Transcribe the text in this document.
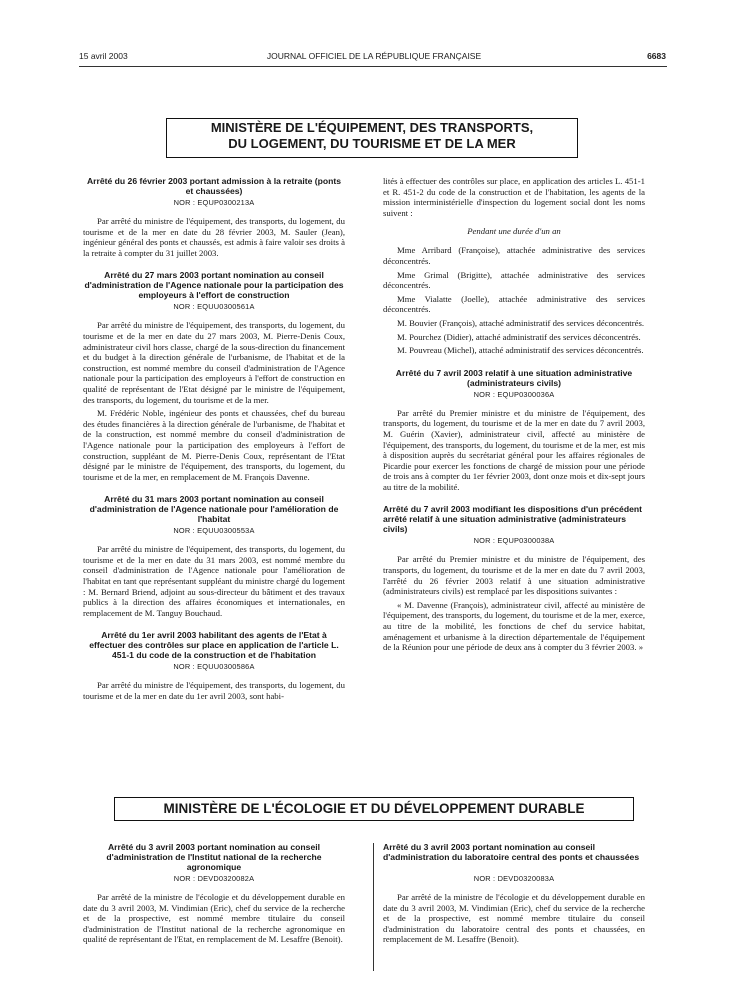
15 avril 2003	JOURNAL OFFICIEL DE LA RÉPUBLIQUE FRANÇAISE	6683
MINISTÈRE DE L'ÉQUIPEMENT, DES TRANSPORTS,
DU LOGEMENT, DU TOURISME ET DE LA MER
Arrêté du 26 février 2003 portant admission à la retraite (ponts et chaussées)
NOR : EQUP0300213A

Par arrêté du ministre de l'équipement, des transports, du logement, du tourisme et de la mer en date du 28 février 2003, M. Sauler (Jean), ingénieur général des ponts et chaussés, est admis à faire valoir ses droits à la retraite à compter du 31 juillet 2003.

Arrêté du 27 mars 2003 portant nomination au conseil d'administration de l'Agence nationale pour la participation des employeurs à l'effort de construction
NOR : EQUU0300561A

Par arrêté du ministre de l'équipement, des transports, du logement, du tourisme et de la mer en date du 27 mars 2003, M. Pierre-Denis Coux, administrateur civil hors classe, chargé de la sous-direction du financement et du budget à la direction générale de l'urbanisme, de l'habitat et de la construction, est nommé membre du conseil d'administration de l'Agence nationale pour la participation des employeurs à l'effort de construction en qualité de représentant de l'Etat désigné par le ministre de l'équipement, des transports, du logement, du tourisme et de la mer.

M. Frédéric Noble, ingénieur des ponts et chaussées, chef du bureau des études financières à la direction générale de l'urbanisme, de l'habitat et de la construction, est nommé membre du conseil d'administration de l'Agence nationale pour la participation des employeurs à l'effort de construction, suppléant de M. Pierre-Denis Coux, représentant de l'Etat désigné par le ministre de l'équipement, des transports, du logement, du tourisme et de la mer, en remplacement de M. François Davenne.

Arrêté du 31 mars 2003 portant nomination au conseil d'administration de l'Agence nationale pour l'amélioration de l'habitat
NOR : EQUU0300553A

Par arrêté du ministre de l'équipement, des transports, du logement, du tourisme et de la mer en date du 31 mars 2003, est nommé membre du conseil d'administration de l'Agence nationale pour l'amélioration de l'habitat en tant que représentant suppléant du ministre chargé du logement : M. Bernard Briend, adjoint au sous-directeur du bâtiment et des travaux publics à la direction des affaires économiques et internationales, en remplacement de M. Tanguy Bouchaud.

Arrêté du 1er avril 2003 habilitant des agents de l'Etat à effectuer des contrôles sur place en application de l'article L. 451-1 du code de la construction et de l'habitation
NOR : EQUU0300586A

Par arrêté du ministre de l'équipement, des transports, du logement, du tourisme et de la mer en date du 1er avril 2003, sont habi-

lités à effectuer des contrôles sur place, en application des articles L. 451-1 et R. 451-2 du code de la construction et de l'habitation, les agents de la mission interministérielle d'inspection du logement social dont les noms suivent :

Pendant une durée d'un an

Mme Arribard (Françoise), attachée administrative des services déconcentrés.

Mme Grimal (Brigitte), attachée administrative des services déconcentrés.

Mme Vialatte (Joelle), attachée administrative des services déconcentrés.

M. Bouvier (François), attaché administratif des services déconcentrés.

M. Pourchez (Didier), attaché administratif des services déconcentrés.

M. Pouvreau (Michel), attaché administratif des services déconcentrés.

Arrêté du 7 avril 2003 relatif à une situation administrative (administrateurs civils)
NOR : EQUP0300036A

Par arrêté du Premier ministre et du ministre de l'équipement, des transports, du logement, du tourisme et de la mer en date du 7 avril 2003, M. Guérin (Xavier), administrateur civil, affecté au ministère de l'équipement, des transports, du logement, du tourisme et de la mer, est mis à disposition auprès du secrétariat général pour les affaires régionales de Picardie pour exercer les fonctions de chargé de mission pour une période de trois ans à compter du 1er février 2003, dont onze mois et dix-sept jours au titre de la mobilité.

Arrêté du 7 avril 2003 modifiant les dispositions d'un précédent arrêté relatif à une situation administrative (administrateurs civils)
NOR : EQUP0300038A

Par arrêté du Premier ministre et du ministre de l'équipement, des transports, du logement, du tourisme et de la mer en date du 7 avril 2003, l'arrêté du 26 février 2003 relatif à une situation administrative (administrateurs civils) est remplacé par les dispositions suivantes :

« M. Davenne (François), administrateur civil, affecté au ministère de l'équipement, des transports, du logement, du tourisme et de la mer, exerce, au titre de la mobilité, les fonctions de chef du service habitat, aménagement et urbanisme à la direction départementale de l'équipement de la Réunion pour une période de deux ans à compter du 3 février 2003. »

MINISTÈRE DE L'ÉCOLOGIE ET DU DÉVELOPPEMENT DURABLE
Arrêté du 3 avril 2003 portant nomination au conseil d'administration de l'Institut national de la recherche agronomique
NOR : DEVD0320082A

Par arrêté de la ministre de l'écologie et du développement durable en date du 3 avril 2003, M. Vindimian (Eric), chef du service de la recherche et de la prospective, est nommé membre titulaire du conseil d'administration de l'Institut national de la recherche agronomique en qualité de représentant de l'Etat, en remplacement de M. Lesaffre (Benoit).

Arrêté du 3 avril 2003 portant nomination au conseil d'administration du laboratoire central des ponts et chaussées
NOR : DEVD0320083A

Par arrêté de la ministre de l'écologie et du développement durable en date du 3 avril 2003, M. Vindimian (Eric), chef du service de la recherche et de la prospective, est nommé membre titulaire du conseil d'administration du laboratoire central des ponts et chaussées, en remplacement de M. Lesaffre (Benoit).
